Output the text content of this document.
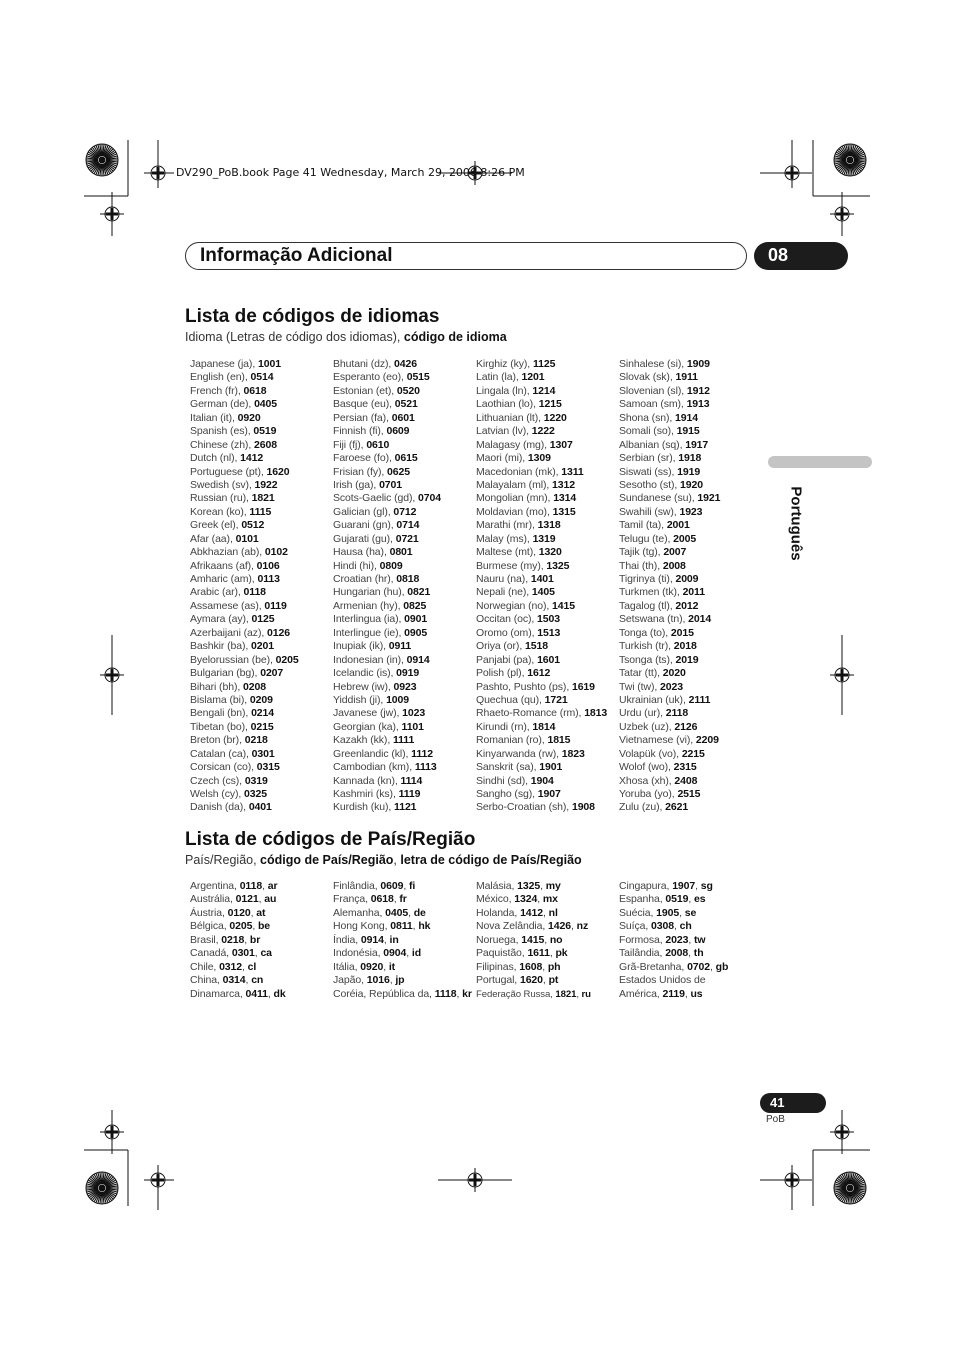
DV290_PoB.book Page 41 Wednesday, March 29, 2006 8:26 PM
Informação Adicional	08
Português
Lista de códigos de idiomas
Idioma (Letras de código dos idiomas), código de idioma
Japanese (ja), 1001
English (en), 0514
French (fr), 0618
German (de), 0405
Italian (it), 0920
Spanish (es), 0519
Chinese (zh), 2608
Dutch (nl), 1412
Portuguese (pt), 1620
Swedish (sv), 1922
Russian (ru), 1821
Korean (ko), 1115
Greek (el), 0512
Afar (aa), 0101
Abkhazian (ab), 0102
Afrikaans (af), 0106
Amharic (am), 0113
Arabic (ar), 0118
Assamese (as), 0119
Aymara (ay), 0125
Azerbaijani (az), 0126
Bashkir (ba), 0201
Byelorussian (be), 0205
Bulgarian (bg), 0207
Bihari (bh), 0208
Bislama (bi), 0209
Bengali (bn), 0214
Tibetan (bo), 0215
Breton (br), 0218
Catalan (ca), 0301
Corsican (co), 0315
Czech (cs), 0319
Welsh (cy), 0325
Danish (da), 0401
Bhutani (dz), 0426
Esperanto (eo), 0515
Estonian (et), 0520
Basque (eu), 0521
Persian (fa), 0601
Finnish (fi), 0609
Fiji (fj), 0610
Faroese (fo), 0615
Frisian (fy), 0625
Irish (ga), 0701
Scots-Gaelic (gd), 0704
Galician (gl), 0712
Guarani (gn), 0714
Gujarati (gu), 0721
Hausa (ha), 0801
Hindi (hi), 0809
Croatian (hr), 0818
Hungarian (hu), 0821
Armenian (hy), 0825
Interlingua (ia), 0901
Interlingue (ie), 0905
Inupiak (ik), 0911
Indonesian (in), 0914
Icelandic (is), 0919
Hebrew (iw), 0923
Yiddish (ji), 1009
Javanese (jw), 1023
Georgian (ka), 1101
Kazakh (kk), 1111
Greenlandic (kl), 1112
Cambodian (km), 1113
Kannada (kn), 1114
Kashmiri (ks), 1119
Kurdish (ku), 1121
Kirghiz (ky), 1125
Latin (la), 1201
Lingala (ln), 1214
Laothian (lo), 1215
Lithuanian (lt), 1220
Latvian (lv), 1222
Malagasy (mg), 1307
Maori (mi), 1309
Macedonian (mk), 1311
Malayalam (ml), 1312
Mongolian (mn), 1314
Moldavian (mo), 1315
Marathi (mr), 1318
Malay (ms), 1319
Maltese (mt), 1320
Burmese (my), 1325
Nauru (na), 1401
Nepali (ne), 1405
Norwegian (no), 1415
Occitan (oc), 1503
Oromo (om), 1513
Oriya (or), 1518
Panjabi (pa), 1601
Polish (pl), 1612
Pashto, Pushto (ps), 1619
Quechua (qu), 1721
Rhaeto-Romance (rm), 1813
Kirundi (rn), 1814
Romanian (ro), 1815
Kinyarwanda (rw), 1823
Sanskrit (sa), 1901
Sindhi (sd), 1904
Sangho (sg), 1907
Serbo-Croatian (sh), 1908
Sinhalese (si), 1909
Slovak (sk), 1911
Slovenian (sl), 1912
Samoan (sm), 1913
Shona (sn), 1914
Somali (so), 1915
Albanian (sq), 1917
Serbian (sr), 1918
Siswati (ss), 1919
Sesotho (st), 1920
Sundanese (su), 1921
Swahili (sw), 1923
Tamil (ta), 2001
Telugu (te), 2005
Tajik (tg), 2007
Thai (th), 2008
Tigrinya (ti), 2009
Turkmen (tk), 2011
Tagalog (tl), 2012
Setswana (tn), 2014
Tonga (to), 2015
Turkish (tr), 2018
Tsonga (ts), 2019
Tatar (tt), 2020
Twi (tw), 2023
Ukrainian (uk), 2111
Urdu (ur), 2118
Uzbek (uz), 2126
Vietnamese (vi), 2209
Volapük (vo), 2215
Wolof (wo), 2315
Xhosa (xh), 2408
Yoruba (yo), 2515
Zulu (zu), 2621
Lista de códigos de País/Região
País/Região, código de País/Região, letra de código de País/Região
Argentina, 0118, ar
Austrália, 0121, au
Áustria, 0120, at
Bélgica, 0205, be
Brasil, 0218, br
Canadá, 0301, ca
Chile, 0312, cl
China, 0314, cn
Dinamarca, 0411, dk
Finlândia, 0609, fi
França, 0618, fr
Alemanha, 0405, de
Hong Kong, 0811, hk
Índia, 0914, in
Indonésia, 0904, id
Itália, 0920, it
Japão, 1016, jp
Coréia, República da, 1118, kr
Malásia, 1325, my
México, 1324, mx
Holanda, 1412, nl
Nova Zelândia, 1426, nz
Noruega, 1415, no
Paquistão, 1611, pk
Filipinas, 1608, ph
Portugal, 1620, pt
Federação Russa, 1821, ru
Cingapura, 1907, sg
Espanha, 0519, es
Suécia, 1905, se
Suíça, 0308, ch
Formosa, 2023, tw
Tailândia, 2008, th
Grã-Bretanha, 0702, gb
Estados Unidos de
América, 2119, us
41
PoB
